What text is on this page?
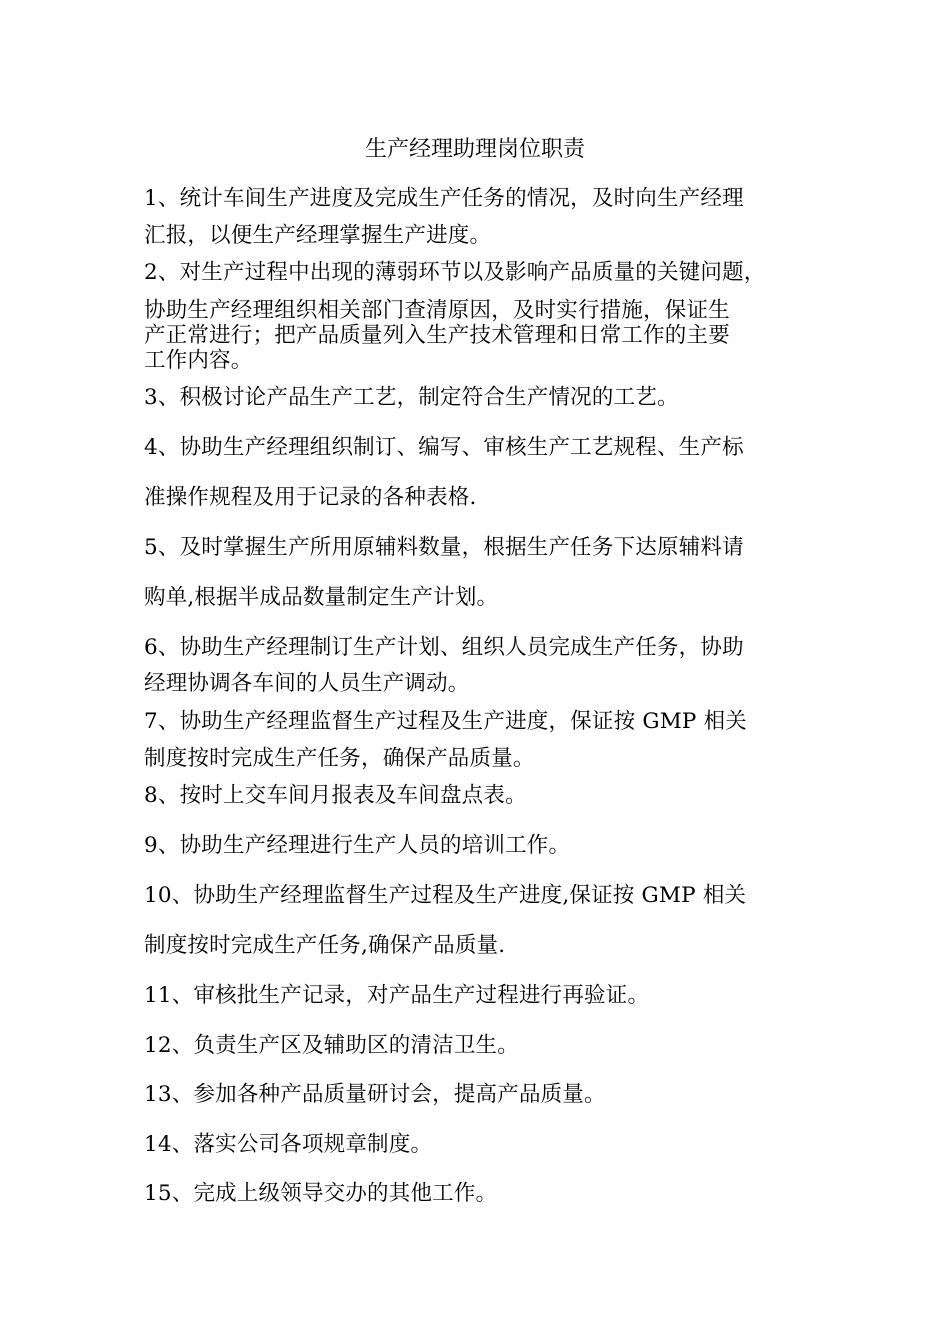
生产经理助理岗位职责
1、统计车间生产进度及完成生产任务的情况，及时向生产经理
汇报，以便生产经理掌握生产进度。
2、对生产过程中出现的薄弱环节以及影响产品质量的关键问题，
协助生产经理组织相关部门查清原因，及时实行措施，保证生
产正常进行；把产品质量列入生产技术管理和日常工作的主要
工作内容。
3、积极讨论产品生产工艺，制定符合生产情况的工艺。
4、协助生产经理组织制订、编写、审核生产工艺规程、生产标
准操作规程及用于记录的各种表格.
5、及时掌握生产所用原辅料数量，根据生产任务下达原辅料请
购单,根据半成品数量制定生产计划。
6、协助生产经理制订生产计划、组织人员完成生产任务，协助
经理协调各车间的人员生产调动。
7、协助生产经理监督生产过程及生产进度，保证按 GMP 相关
制度按时完成生产任务，确保产品质量。
8、按时上交车间月报表及车间盘点表。
9、协助生产经理进行生产人员的培训工作。
10、协助生产经理监督生产过程及生产进度,保证按 GMP 相关
制度按时完成生产任务,确保产品质量.
11、审核批生产记录，对产品生产过程进行再验证。
12、负责生产区及辅助区的清洁卫生。
13、参加各种产品质量研讨会，提高产品质量。
14、落实公司各项规章制度。
15、完成上级领导交办的其他工作。
